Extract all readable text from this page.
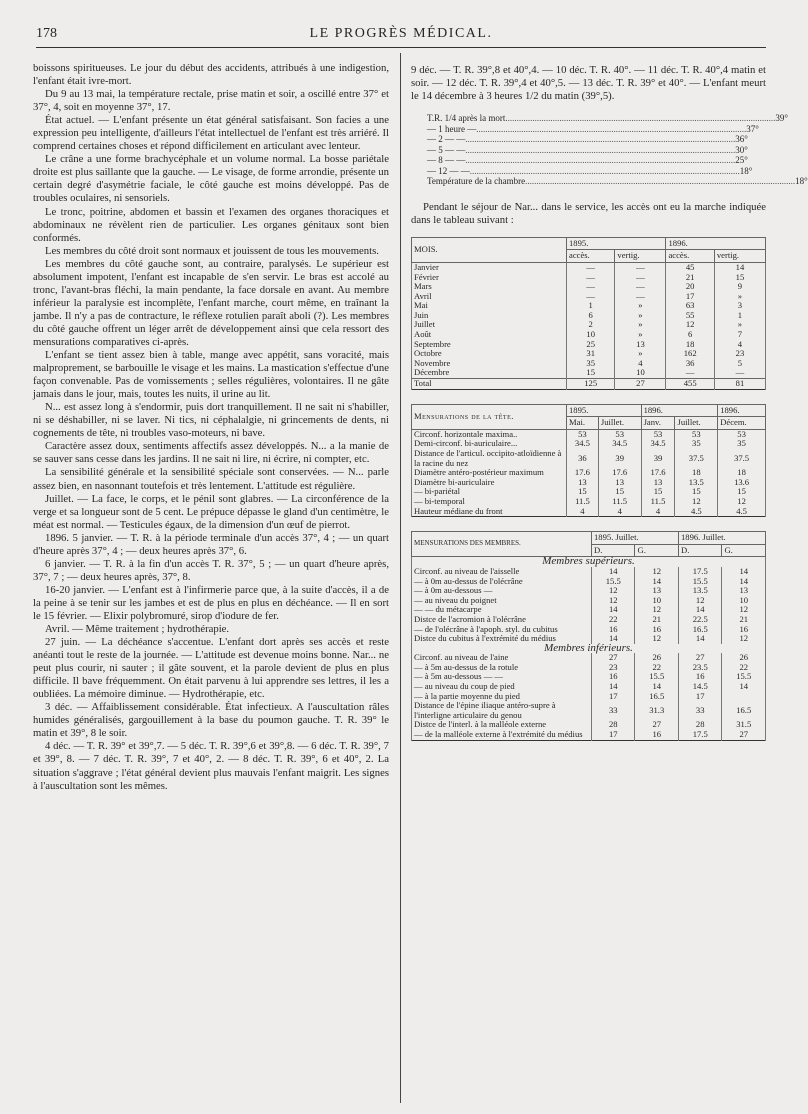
178	LE PROGRÈS MÉDICAL.

boissons spiritueuses. Le jour du début des accidents, attribués à une indigestion, l'enfant était ivre-mort.

Du 9 au 13 mai, la température rectale, prise matin et soir, a oscillé entre 37° et 37°, 4, soit en moyenne 37°, 17.

État actuel. — L'enfant présente un état général satisfaisant. Son facies a une expression peu intelligente, d'ailleurs l'état intellectuel de l'enfant est très arriéré. Il comprend certaines choses et répond difficilement en articulant avec lenteur.

Le crâne a une forme brachycéphale et un volume normal. La bosse pariétale droite est plus saillante que la gauche. — Le visage, de forme arrondie, présente un certain degré d'asymétrie faciale, le côté gauche est moins développé. Pas de troubles oculaires, ni sensoriels.

Le tronc, poitrine, abdomen et bassin et l'examen des organes thoraciques et abdominaux ne révèlent rien de particulier. Les organes génitaux sont bien conformés.

Les membres du côté droit sont normaux et jouissent de tous les mouvements.

Les membres du côté gauche sont, au contraire, paralysés. Le supérieur est absolument impotent, l'enfant est incapable de s'en servir. Le bras est accolé au tronc, l'avant-bras fléchi, la main pendante, la face dorsale en avant. Au membre inférieur la paralysie est incomplète, l'enfant marche, court même, en traînant la jambe. Il n'y a pas de contracture, le réflexe rotulien paraît aboli (?). Les membres du côté gauche offrent un léger arrêt de développement ainsi que cela ressort des mensurations comparatives ci-après.

L'enfant se tient assez bien à table, mange avec appétit, sans voracité, mais malproprement, se barbouille le visage et les mains. La mastication s'effectue d'une façon convenable. Pas de vomissements ; selles régulières, volontaires. Il ne gâte jamais dans le jour, mais, toutes les nuits, il urine au lit.

N... est assez long à s'endormir, puis dort tranquillement. Il ne sait ni s'habiller, ni se déshabiller, ni se laver. Ni tics, ni céphalalgie, ni grincements de dents, ni cognements de tête, ni troubles vaso-moteurs, ni bave.

Caractère assez doux, sentiments affectifs assez développés. N... a la manie de se sauver sans cesse dans les jardins. Il ne sait ni lire, ni écrire, ni compter, etc.

La sensibilité générale et la sensibilité spéciale sont conservées. — N... parle assez bien, en nasonnant toutefois et très lentement. L'attitude est régulière.

Juillet. — La face, le corps, et le pénil sont glabres. — La circonférence de la verge et sa longueur sont de 5 cent. Le prépuce dépasse le gland d'un centimètre, le méat est normal. — Testicules égaux, de la dimension d'un œuf de pierrot.

1896. 5 janvier. — T. R. à la période terminale d'un accès 37°, 4 ; — un quart d'heure après 37°, 4 ; — deux heures après 37°, 6.

6 janvier. — T. R. à la fin d'un accès T. R. 37°, 5 ; — un quart d'heure après, 37°, 7 ; — deux heures après, 37°, 8.

16-20 janvier. — L'enfant est à l'infirmerie parce que, à la suite d'accès, il a de la peine à se tenir sur les jambes et est de plus en plus en déchéance. — Il en sort le 15 février. — Elixir polybromuré, sirop d'iodure de fer.

Avril. — Même traitement ; hydrothérapie.

27 juin. — La déchéance s'accentue. L'enfant dort après ses accès et reste anéanti tout le reste de la journée. — L'attitude est devenue moins bonne. Nar... ne peut plus courir, ni sauter ; il gâte souvent, et la parole devient de plus en plus difficile. Il bave fréquemment. On était parvenu à lui apprendre ses lettres, il les a oubliées. La mémoire diminue. — Hydrothérapie, etc.

3 déc. — Affaiblissement considérable. État infectieux. A l'auscultation râles humides généralisés, gargouillement à la base du poumon gauche. T. R. 39° le matin et 39°, 8 le soir.

4 déc. — T. R. 39° et 39°,7. — 5 déc. T. R. 39°,6 et 39°,8. — 6 déc. T. R. 39°, 7 et 39°, 8. — 7 déc. T. R. 39°, 7 et 40°, 2. — 8 déc. T. R. 39°, 6 et 40°, 2. La situation s'aggrave ; l'état général devient plus mauvais l'enfant maigrit. Les signes à l'auscultation sont les mêmes.

9 déc. — T. R. 39°,8 et 40°,4. — 10 déc. T. R. 40°. — 11 déc. T. R. 40°,4 matin et soir. — 12 déc. T. R. 39°,4 et 40°,5. — 13 déc. T. R. 39° et 40°. — L'enfant meurt le 14 décembre à 3 heures 1/2 du matin (39°,5).

T.R. 1/4 après la mort ........................................................................................................................ 39°
— 1 heure — ........................................................................................................................ 37°
— 2 — — ........................................................................................................................ 36°
— 5 — — ........................................................................................................................ 30°
— 8 — — ........................................................................................................................ 25°
— 12 — — ........................................................................................................................ 18°
Température de la chambre ........................................................................................................................ 18°

Pendant le séjour de Nar... dans le service, les accès ont eu la marche indiquée dans le tableau suivant :

MOIS.	1895.		1896.	
	accès.	vertig.	accès.	vertig.
Janvier	—	—	45	14
Février	—	—	21	15
Mars	—	—	20	9
Avril	—	—	17	»
Mai	1	»	63	3
Juin	6	»	55	1
Juillet	2	»	12	»
Août	10	»	6	7
Septembre	25	13	18	4
Octobre	31	»	162	23
Novembre	35	4	36	5
Décembre	15	10	—	—
Total	125	27	455	81
Mensurations de la tête.	1895.		1896.		1896.
	Mai.	Juillet.	Janv.	Juillet.	Décem.
Circonf. horizontale maxima..	53	53	53	53	53
Demi-circonf. bi-auriculaire...	34.5	34.5	34.5	35	35
Distance de l'articul. occipito-atloïdienne à la racine du nez	36	39	39	37.5	37.5
Diamètre antéro-postérieur maximum	17.6	17.6	17.6	18	18
Diamètre bi-auriculaire	13	13	13	13.5	13.6
— bi-pariétal	15	15	15	15	15
— bi-temporal	11.5	11.5	11.5	12	12
Hauteur médiane du front	4	4	4	4.5	4.5
MENSURATIONS DES MEMBRES.	1895. Juillet.		1896. Juillet.	
	D.	G.	D.	G.
Membres supérieurs.				
Circonf. au niveau de l'aisselle	14	12	17.5	14
— à 0m au-dessus de l'olécrâne	15.5	14	15.5	14
— à 0m au-dessous —	12	13	13.5	13
— au niveau du poignet	12	10	12	10
— — du métacarpe	14	12	14	12
Distce de l'acromion à l'olécrâne	22	21	22.5	21
— de l'olécrâne à l'apoph. styl. du cubitus	16	16	16.5	16
Distce du cubitus à l'extrémité du médius	14	12	14	12
Membres inférieurs.				
Circonf. au niveau de l'aine	27	26	27	26
— à 5m au-dessus de la rotule	23	22	23.5	22
— à 5m au-dessous — —	16	15.5	16	15.5
— au niveau du coup de pied	14	14	14.5	14
— à la partie moyenne du pied	17	16.5	17	
Distance de l'épine iliaque antéro-supre à l'interligne articulaire du genou	33	31.3	33	16.5
Distce de l'interl. à la malléole externe	28	27	28	31.5
— de la malléole externe à l'extrémité du médius	17	16	17.5	27
